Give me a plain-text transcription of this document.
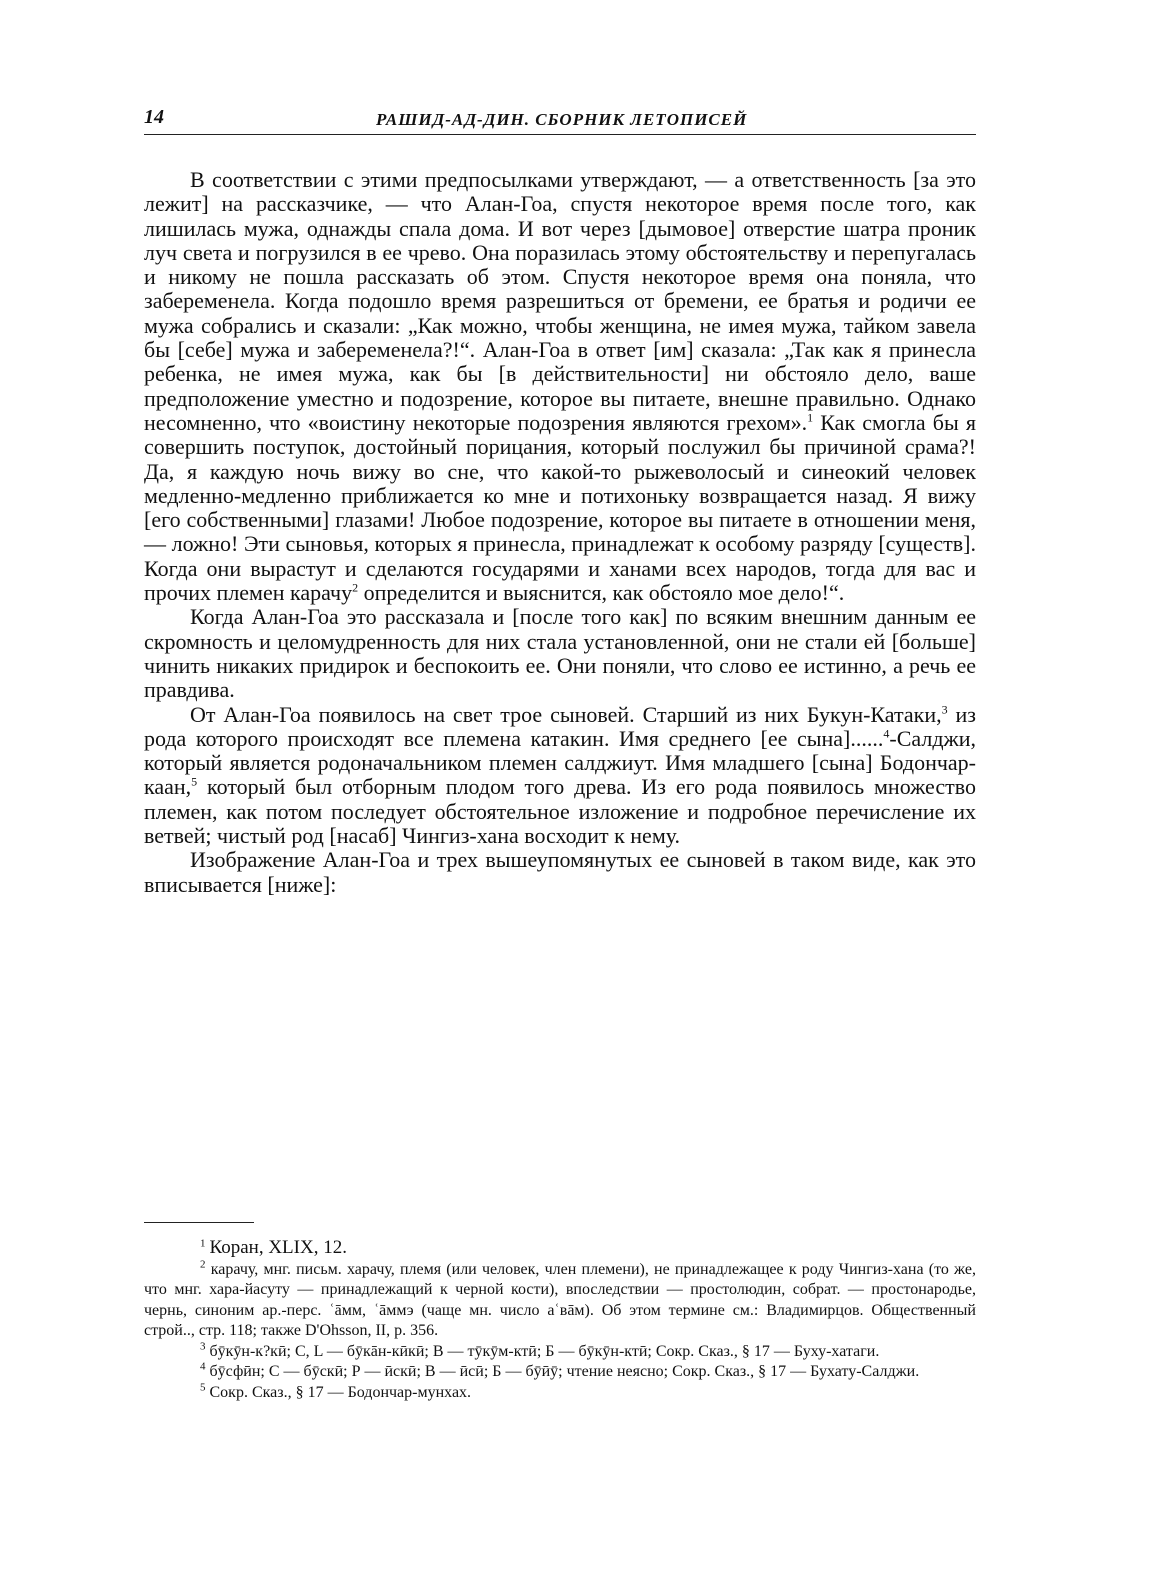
14	РАШИД-АД-ДИН. СБОРНИК ЛЕТОПИСЕЙ

В соответствии с этими предпосылками утверждают, — а ответственность [за это лежит] на рассказчике, — что Алан-Гоа, спустя некоторое время после того, как лишилась мужа, однажды спала дома. И вот через [дымовое] отверстие шатра проник луч света и погрузился в ее чрево. Она поразилась этому обстоятельству и перепугалась и никому не пошла рассказать об этом. Спустя некоторое время она поняла, что забеременела. Когда подошло время разрешиться от бремени, ее братья и родичи ее мужа собрались и сказали: „Как можно, чтобы женщина, не имея мужа, тайком завела бы [себе] мужа и забеременела?!“. Алан-Гоа в ответ [им] сказала: „Так как я принесла ребенка, не имея мужа, как бы [в действительности] ни обстояло дело, ваше предположение уместно и подозрение, которое вы питаете, внешне правильно. Однако несомненно, что «воистину некоторые подозрения являются грехом».$^1$ Как смогла бы я совершить поступок, достойный порицания, который послужил бы причиной срама?! Да, я каждую ночь вижу во сне, что какой-то рыжеволосый и синеокий человек медленно-медленно приближается ко мне и потихоньку возвращается назад. Я вижу [его собственными] глазами! Любое подозрение, которое вы питаете в отношении меня, — ложно! Эти сыновья, которых я принесла, принадлежат к особому разряду [существ]. Когда они вырастут и сделаются государями и ханами всех народов, тогда для вас и прочих племен карачу$^2$ определится и выяснится, как обстояло мое дело!“.

Когда Алан-Гоа это рассказала и [после того как] по всяким внешним данным ее скромность и целомудренность для них стала установленной, они не стали ей [больше] чинить никаких придирок и беспокоить ее. Они поняли, что слово ее истинно, а речь ее правдива.

От Алан-Гоа появилось на свет трое сыновей. Старший из них Букун-Катаки,$^3$ из рода которого происходят все племена катакин. Имя среднего [ее сына]......$^4$-Салджи, который является родоначальником племен салджиут. Имя младшего [сына] Бодончар-каан,$^5$ который был отборным плодом того древа. Из его рода появилось множество племен, как потом последует обстоятельное изложение и подробное перечисление их ветвей; чистый род [насаб] Чингиз-хана восходит к нему.

Изображение Алан-Гоа и трех вышеупомянутых ее сыновей в таком виде, как это вписывается [ниже]:

$^1$ Коран, XLIX, 12.

$^2$ карачу, мнг. письм. харачу, племя (или человек, член племени), не принадлежащее к роду Чингиз-хана (то же, что мнг. хара-йасуту — принадлежащий к черной кости), впоследствии — простолюдин, собрат. — простонародье, чернь, синоним ар.-перс. ʿāмм, ʿāммэ (чаще мн. число аʿвāм). Об этом термине см.: Владимирцов. Общественный строй.., стр. 118; также D'Ohsson, II, р. 356.

$^3$ бӯкӯн-к?кӣ; С, L — бӯкāн-кӣкӣ; В — тӯкӯм-ктӣ; Б — бӯкӯн-ктӣ; Сокр. Сказ., § 17 — Буху-хатаги.

$^4$ бӯсфӣн; С — бӯскӣ; Р — ӣскӣ; В — ӣсӣ; Б — бӯӣӯ; чтение неясно; Сокр. Сказ., § 17 — Бухату-Салджи.

$^5$ Сокр. Сказ., § 17 — Бодончар-мунхах.
